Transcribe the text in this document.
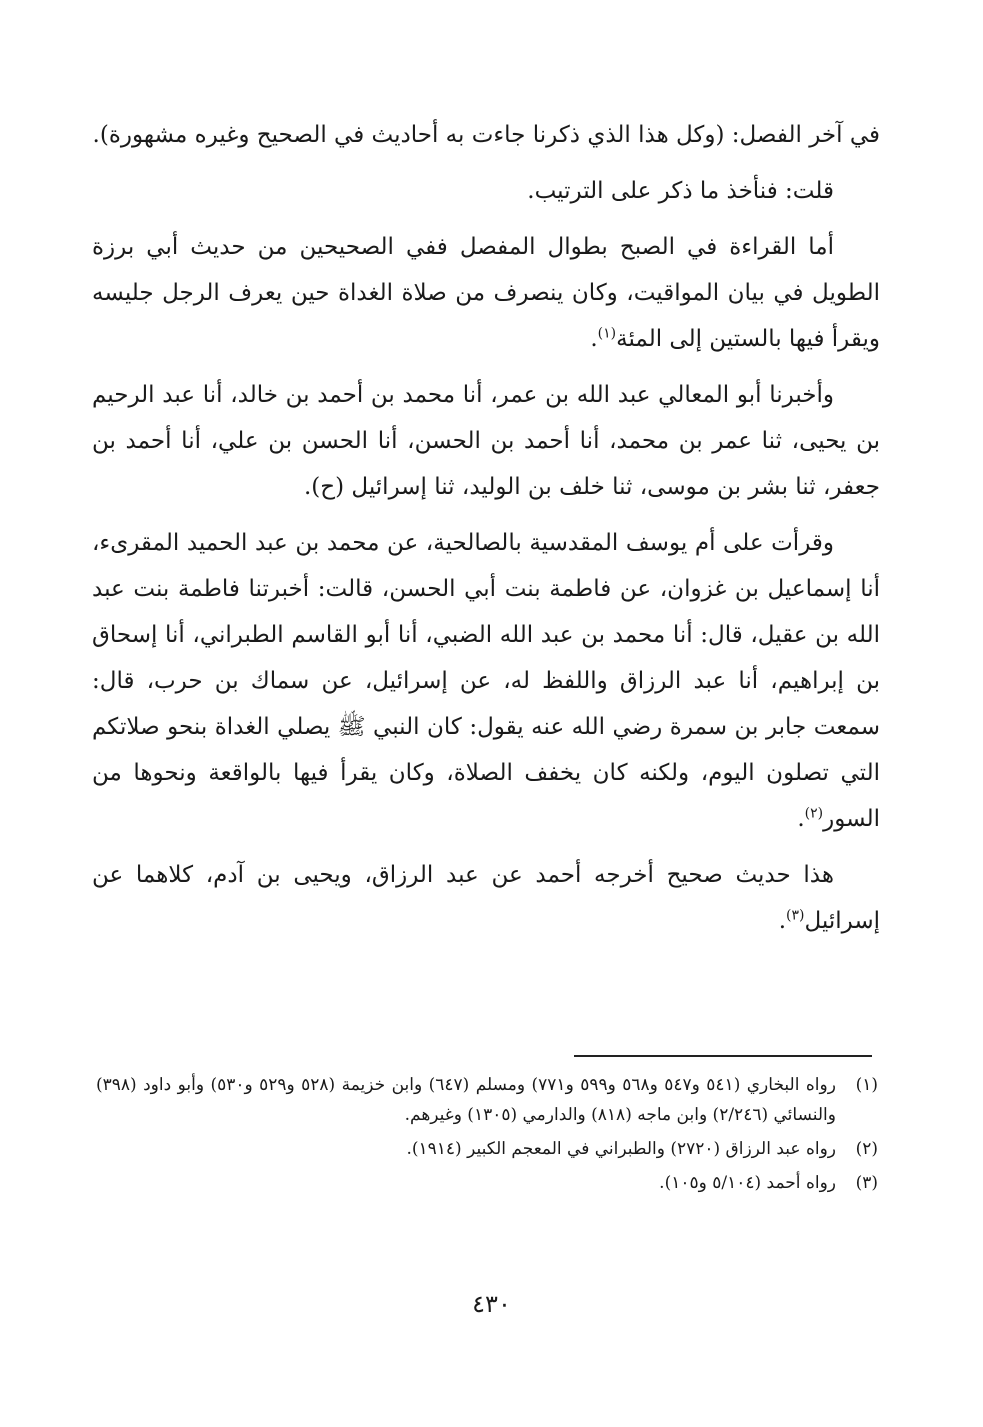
في آخر الفصل: (وكل هذا الذي ذكرنا جاءت به أحاديث في الصحيح وغيره مشهورة).

قلت: فنأخذ ما ذكر على الترتيب.

أما القراءة في الصبح بطوال المفصل ففي الصحيحين من حديث أبي برزة الطويل في بيان المواقيت، وكان ينصرف من صلاة الغداة حين يعرف الرجل جليسه ويقرأ فيها بالستين إلى المئة$^{(١)}$.

وأخبرنا أبو المعالي عبد الله بن عمر، أنا محمد بن أحمد بن خالد، أنا عبد الرحيم بن يحيى، ثنا عمر بن محمد، أنا أحمد بن الحسن، أنا الحسن بن علي، أنا أحمد بن جعفر، ثنا بشر بن موسى، ثنا خلف بن الوليد، ثنا إسرائيل (ح).

وقرأت على أم يوسف المقدسية بالصالحية، عن محمد بن عبد الحميد المقرىء، أنا إسماعيل بن غزوان، عن فاطمة بنت أبي الحسن، قالت: أخبرتنا فاطمة بنت عبد الله بن عقيل، قال: أنا محمد بن عبد الله الضبي، أنا أبو القاسم الطبراني، أنا إسحاق بن إبراهيم، أنا عبد الرزاق واللفظ له، عن إسرائيل، عن سماك بن حرب، قال: سمعت جابر بن سمرة رضي الله عنه يقول: كان النبي ﷺ يصلي الغداة بنحو صلاتكم التي تصلون اليوم، ولكنه كان يخفف الصلاة، وكان يقرأ فيها بالواقعة ونحوها من السور$^{(٢)}$.

هذا حديث صحيح أخرجه أحمد عن عبد الرزاق، ويحيى بن آدم، كلاهما عن إسرائيل$^{(٣)}$.

(١)
رواه البخاري (٥٤١ و٥٤٧ و٥٦٨ و٥٩٩ و٧٧١) ومسلم (٦٤٧) وابن خزيمة (٥٢٨ و٥٢٩ و٥٣٠) وأبو داود (٣٩٨) والنسائي (٢/٢٤٦) وابن ماجه (٨١٨) والدارمي (١٣٠٥) وغيرهم.
(٢)
رواه عبد الرزاق (٢٧٢٠) والطبراني في المعجم الكبير (١٩١٤).
(٣)
رواه أحمد (٥/١٠٤ و١٠٥).
٤٣٠
